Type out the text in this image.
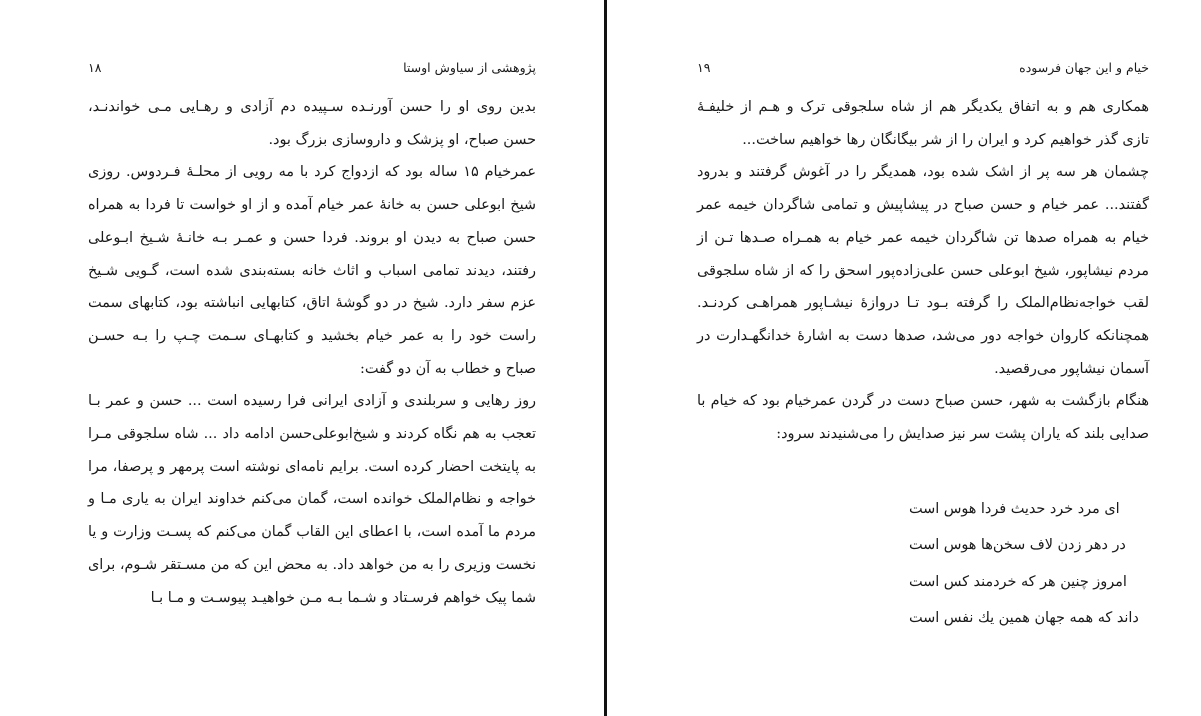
پژوهشی از سیاوش اوستا
۱۸

بدین روی او را حسن آورنـده سـپیده دم آزادی و رهـایی مـی خواندنـد، حسن صباح، او پزشک و داروسازی بزرگ بود.

عمرخیام ۱۵ ساله بود که ازدواج کرد با مه رویی از محلـهٔ فـردوس. روزی شیخ ابوعلی حسن به خانهٔ عمر خیام آمده و از او خواست تا فردا به همراه حسن صباح به دیدن او بروند. فردا حسن و عمـر بـه خانـهٔ شـیخ ابـوعلی رفتند، دیدند تمامی اسباب و اثاث خانه بسته‌بندی شده است، گـویی شـیخ عزم سفر دارد. شیخ در دو گوشهٔ اتاق، کتابهایی انباشته بود، کتابهای سمت راست خود را به عمر خیام بخشید و کتابهـای سـمت چـپ را بـه حسـن صباح و خطاب به آن دو گفت:

روز رهایی و سربلندی و آزادی ایرانی فرا رسیده است ... حسن و عمر بـا تعجب به هم نگاه کردند و شیخ‌ابوعلی‌حسن ادامه داد ... شاه سلجوقی مـرا به پایتخت احضار کرده است. برایم نامه‌ای نوشته است پرمهر و پرصفا، مرا خواجه و نظام‌الملک خوانده است، گمان می‌کنم خداوند ایران به یاری مـا و مردم ما آمده است، با اعطای این القاب گمان می‌کنم که پسـت وزارت و یا نخست وزیری را به من خواهد داد. به محض این که من مسـتقر شـوم، برای شما پیک خواهم فرسـتاد و شـما بـه مـن خواهیـد پیوسـت و مـا بـا

خیام و این جهان فرسوده
۱۹

همکاری هم و به اتفاق یکدیگر هم از شاه سلجوقی ترک و هـم از خلیفـهٔ تازی گذر خواهیم کرد و ایران را از شر بیگانگان رها خواهیم ساخت...

چشمان هر سه پر از اشک شده بود، همدیگر را در آغوش گرفتند و بدرود گفتند... عمر خیام و حسن صباح در پیشاپیش و تمامی شاگردان خیمه عمر خیام به همراه صدها تن شاگردان خیمه عمر خیام به همـراه صـدها تـن از مردم نیشاپور، شیخ ابوعلی حسن علی‌زاده‌پور اسحق را که از شاه سلجوقی لقب خواجه‌نظام‌الملک را گرفته بـود تـا دروازهٔ نیشـاپور همراهـی کردنـد. همچنانکه کاروان خواجه دور می‌شد، صدها دست به اشارهٔ خدانگهـدارت در آسمان نیشاپور می‌رقصید.

هنگام بازگشت به شهر، حسن صباح دست در گردن عمرخیام بود که خیام با صدایی بلند که یاران پشت سر نیز صدایش را می‌شنیدند سرود:

ای مرد خرد حدیث فردا هوس است
در دهر زدن لاف سخن‌ها هوس است
امروز چنین هر که خردمند کس است
داند که همه جهان همین یك نفس است
